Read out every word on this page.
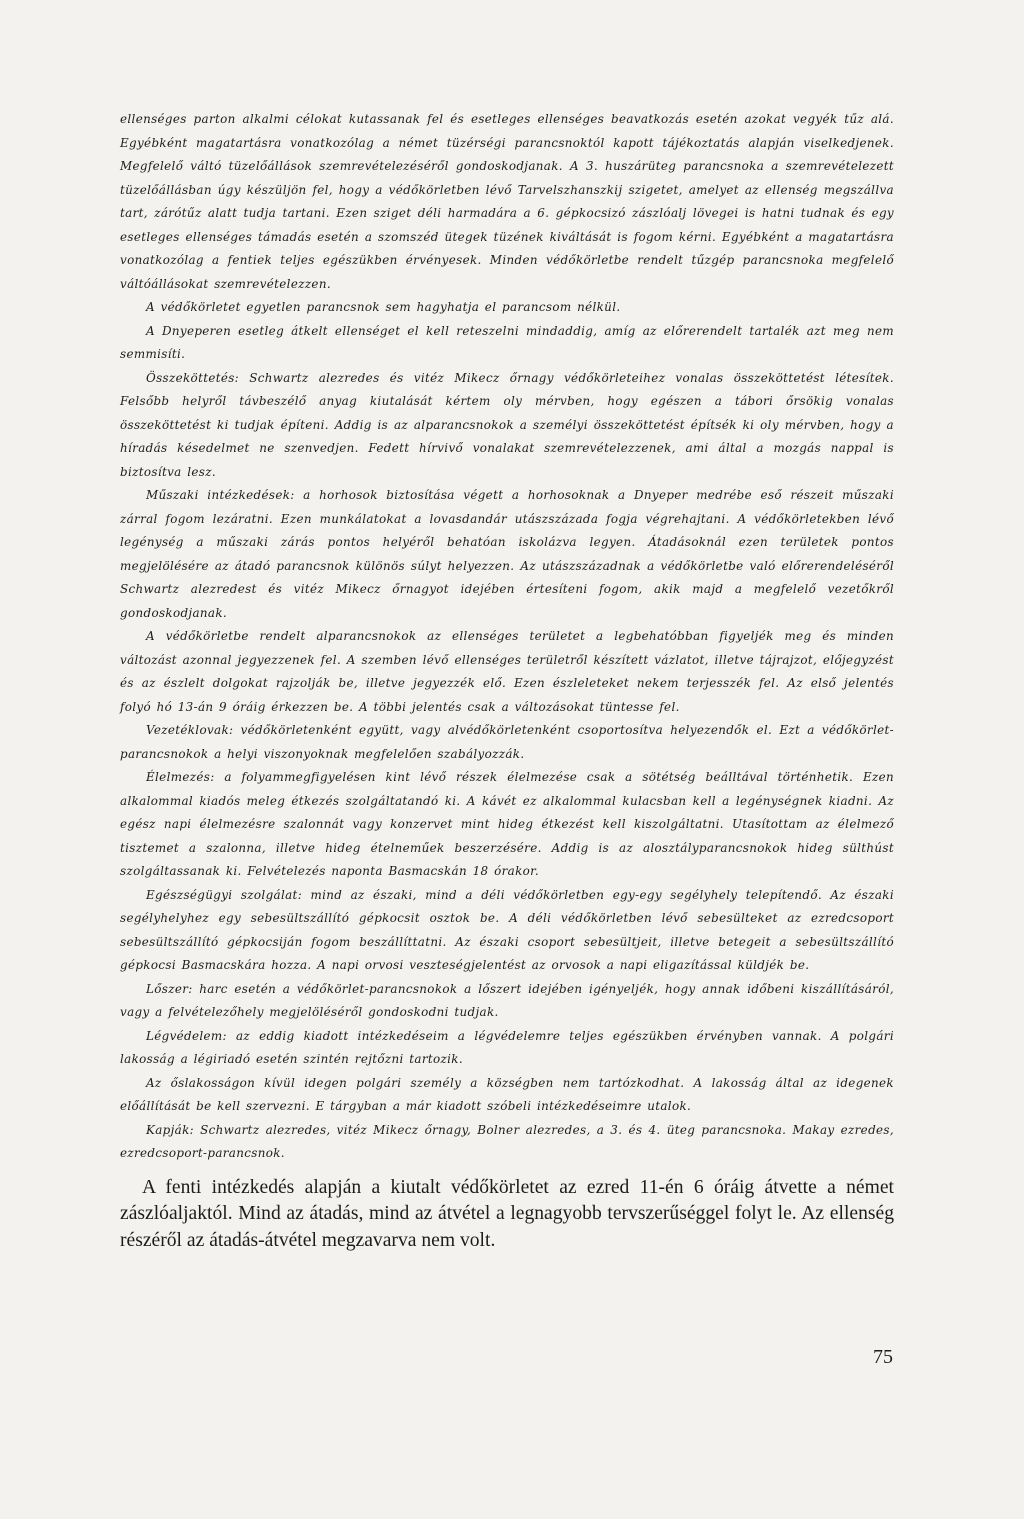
ellenséges parton alkalmi célokat kutassanak fel és esetleges ellenséges beavatkozás esetén azokat vegyék tűz alá. Egyébként magatartásra vonatkozólag a német tüzérségi parancsnoktól kapott tájékoztatás alapján viselkedjenek. Megfelelő váltó tüzelőállások szemrevételezéséről gondoskodjanak. A 3. huszárüteg parancsnoka a szemrevételezett tüzelőállásban úgy készüljön fel, hogy a védőkörletben lévő Tarvelszhanszkij szigetet, amelyet az ellenség megszállva tart, zárótűz alatt tudja tartani. Ezen sziget déli harmadára a 6. gépkocsizó zászlóalj lövegei is hatni tudnak és egy esetleges ellenséges támadás esetén a szomszéd ütegek tüzének kiváltását is fogom kérni. Egyébként a magatartásra vonatkozólag a fentiek teljes egészükben érvényesek. Minden védőkörletbe rendelt tűzgép parancsnoka megfelelő váltóállásokat szemrevételezzen.

A védőkörletet egyetlen parancsnok sem hagyhatja el parancsom nélkül.

A Dnyeperen esetleg átkelt ellenséget el kell reteszelni mindaddig, amíg az előrerendelt tartalék azt meg nem semmisíti.

Összeköttetés: Schwartz alezredes és vitéz Mikecz őrnagy védőkörleteihez vonalas összeköttetést létesítek. Felsőbb helyről távbeszélő anyag kiutalását kértem oly mérvben, hogy egészen a tábori őrsökig vonalas összeköttetést ki tudjak építeni. Addig is az alparancsnokok a személyi összeköttetést építsék ki oly mérvben, hogy a híradás késedelmet ne szenvedjen. Fedett hírvivő vonalakat szemrevételezzenek, ami által a mozgás nappal is biztosítva lesz.

Műszaki intézkedések: a horhosok biztosítása végett a horhosoknak a Dnyeper medrébe eső részeit műszaki zárral fogom lezáratni. Ezen munkálatokat a lovasdandár utászszázada fogja végrehajtani. A védőkörletekben lévő legénység a műszaki zárás pontos helyéről behatóan iskolázva legyen. Átadásoknál ezen területek pontos megjelölésére az átadó parancsnok különös súlyt helyezzen. Az utászszázadnak a védőkörletbe való előrerendeléséről Schwartz alezredest és vitéz Mikecz őrnagyot idejében értesíteni fogom, akik majd a megfelelő vezetőkről gondoskodjanak.

A védőkörletbe rendelt alparancsnokok az ellenséges területet a legbehatóbban figyeljék meg és minden változást azonnal jegyezzenek fel. A szemben lévő ellenséges területről készített vázlatot, illetve tájrajzot, előjegyzést és az észlelt dolgokat rajzolják be, illetve jegyezzék elő. Ezen észleleteket nekem terjesszék fel. Az első jelentés folyó hó 13-án 9 óráig érkezzen be. A többi jelentés csak a változásokat tüntesse fel.

Vezetéklovak: védőkörletenként együtt, vagy alvédőkörletenként csoportosítva helyezendők el. Ezt a védőkörlet-parancsnokok a helyi viszonyoknak megfelelően szabályozzák.

Élelmezés: a folyammegfigyelésen kint lévő részek élelmezése csak a sötétség beálltával történhetik. Ezen alkalommal kiadós meleg étkezés szolgáltatandó ki. A kávét ez alkalommal kulacsban kell a legénységnek kiadni. Az egész napi élelmezésre szalonnát vagy konzervet mint hideg étkezést kell kiszolgáltatni. Utasítottam az élelmező tisztemet a szalonna, illetve hideg ételneműek beszerzésére. Addig is az alosztályparancsnokok hideg sülthúst szolgáltassanak ki. Felvételezés naponta Basmacskán 18 órakor.

Egészségügyi szolgálat: mind az északi, mind a déli védőkörletben egy-egy segélyhely telepítendő. Az északi segélyhelyhez egy sebesültszállító gépkocsit osztok be. A déli védőkörletben lévő sebesülteket az ezredcsoport sebesültszállító gépkocsiján fogom beszállíttatni. Az északi csoport sebesültjeit, illetve betegeit a sebesültszállító gépkocsi Basmacskára hozza. A napi orvosi veszteségjelentést az orvosok a napi eligazítással küldjék be.

Lőszer: harc esetén a védőkörlet-parancsnokok a lőszert idejében igényeljék, hogy annak időbeni kiszállításáról, vagy a felvételezőhely megjelöléséről gondoskodni tudjak.

Légvédelem: az eddig kiadott intézkedéseim a légvédelemre teljes egészükben érvényben vannak. A polgári lakosság a légiriadó esetén szintén rejtőzni tartozik.

Az őslakosságon kívül idegen polgári személy a községben nem tartózkodhat. A lakosság által az idegenek előállítását be kell szervezni. E tárgyban a már kiadott szóbeli intézkedéseimre utalok.

Kapják: Schwartz alezredes, vitéz Mikecz őrnagy, Bolner alezredes, a 3. és 4. üteg parancsnoka. Makay ezredes, ezredcsoport-parancsnok.

A fenti intézkedés alapján a kiutalt védőkörletet az ezred 11-én 6 óráig átvette a német zászlóaljaktól. Mind az átadás, mind az átvétel a legnagyobb tervszerűséggel folyt le. Az ellenség részéről az átadás-átvétel megzavarva nem volt.

75
